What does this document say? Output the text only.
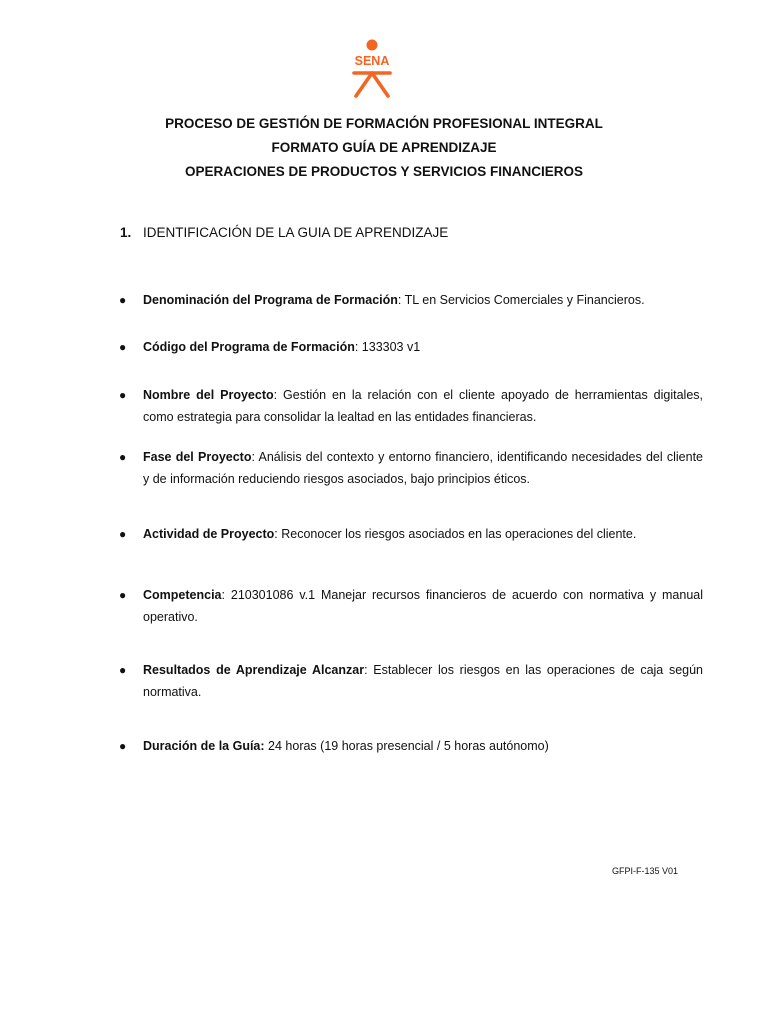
SENA
PROCESO DE GESTIÓN DE FORMACIÓN PROFESIONAL INTEGRAL
FORMATO GUÍA DE APRENDIZAJE
OPERACIONES DE PRODUCTOS Y SERVICIOS FINANCIEROS
1. IDENTIFICACIÓN DE LA GUIA DE APRENDIZAJE
● Denominación del Programa de Formación: TL en Servicios Comerciales y Financieros.
● Código del Programa de Formación: 133303 v1
● Nombre del Proyecto: Gestión en la relación con el cliente apoyado de herramientas digitales, como estrategia para consolidar la lealtad en las entidades financieras.
● Fase del Proyecto: Análisis del contexto y entorno financiero, identificando necesidades del cliente y de información reduciendo riesgos asociados, bajo principios éticos.
● Actividad de Proyecto: Reconocer los riesgos asociados en las operaciones del cliente.
● Competencia: 210301086 v.1 Manejar recursos financieros de acuerdo con normativa y manual operativo.
● Resultados de Aprendizaje Alcanzar: Establecer los riesgos en las operaciones de caja según normativa.
● Duración de la Guía: 24 horas (19 horas presencial / 5 horas autónomo)
GFPI-F-135 V01
